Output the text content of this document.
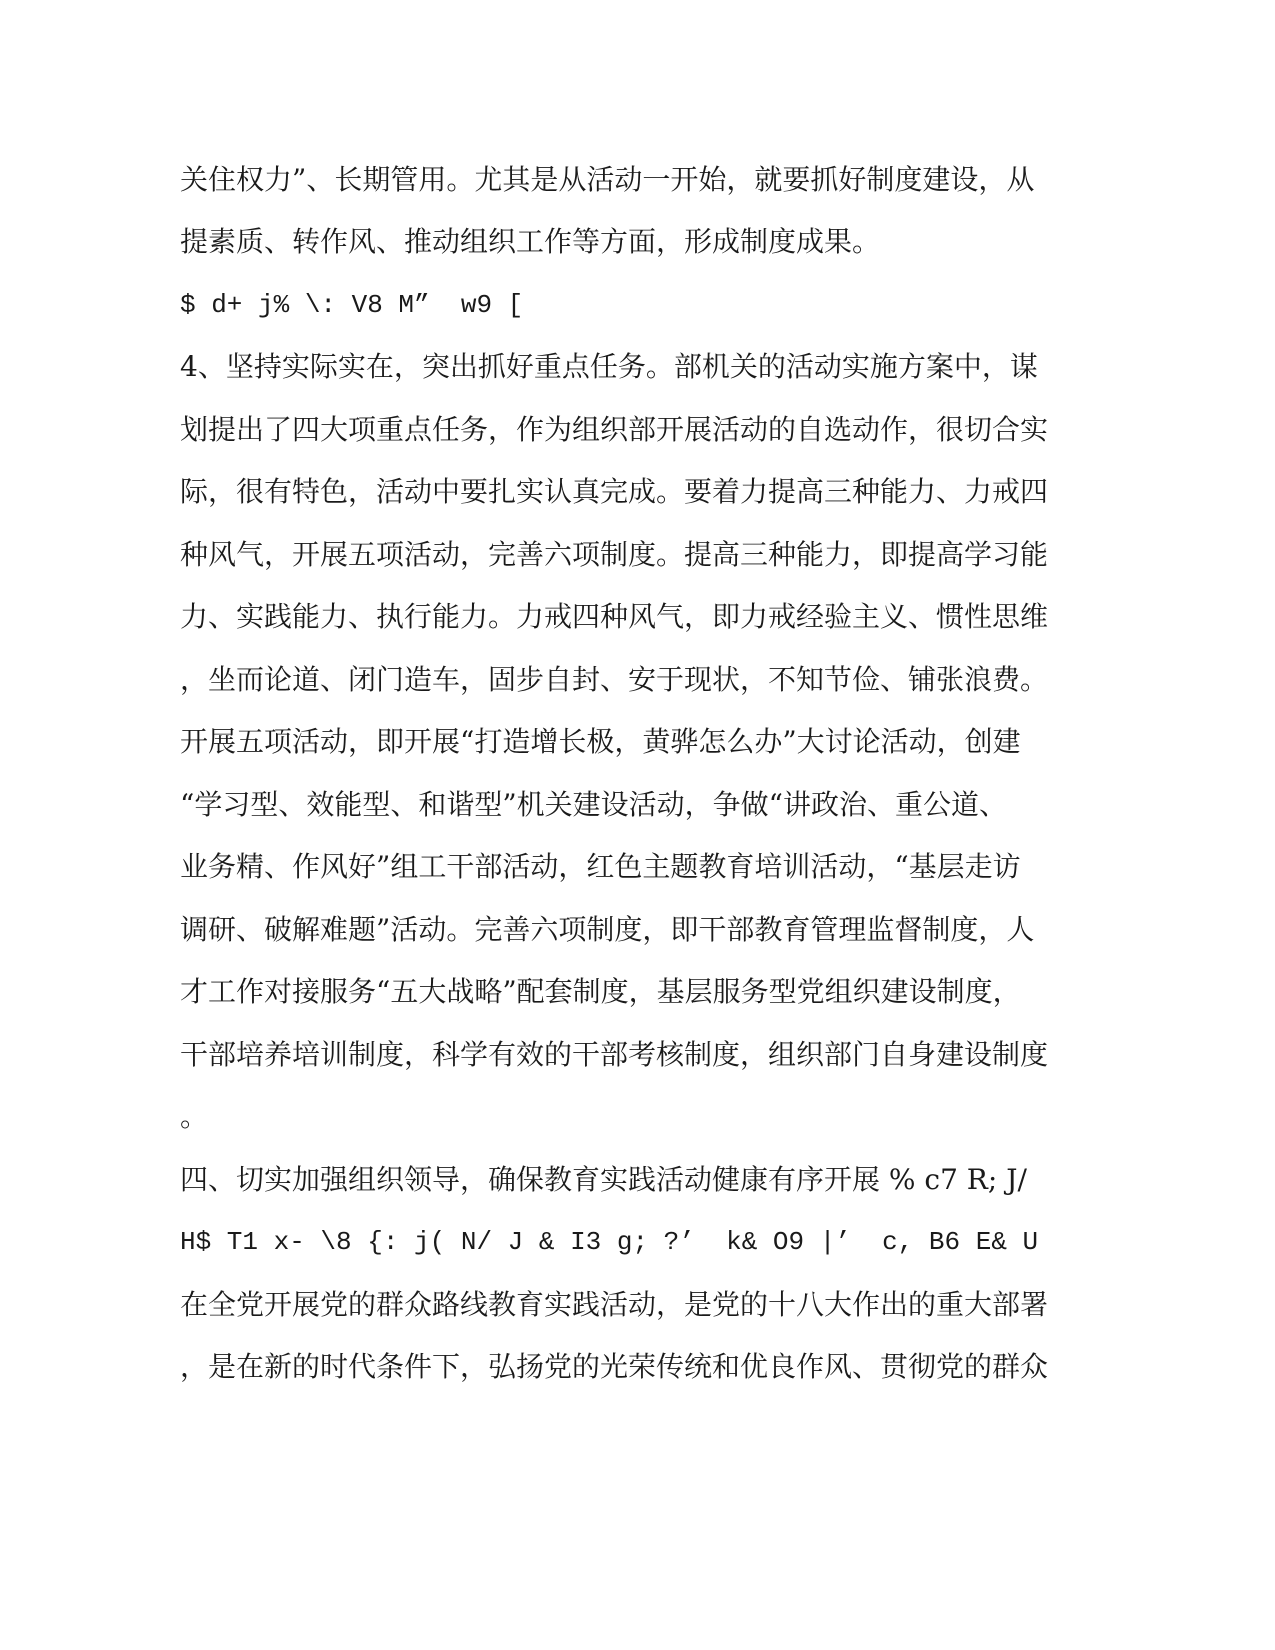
关住权力”、长期管用。尤其是从活动一开始，就要抓好制度建设，从
提素质、转作风、推动组织工作等方面，形成制度成果。
$ d+ j% \: V8 M”  w9 [
4、坚持实际实在，突出抓好重点任务。部机关的活动实施方案中，谋
划提出了四大项重点任务，作为组织部开展活动的自选动作，很切合实
际，很有特色，活动中要扎实认真完成。要着力提高三种能力、力戒四
种风气，开展五项活动，完善六项制度。提高三种能力，即提高学习能
力、实践能力、执行能力。力戒四种风气，即力戒经验主义、惯性思维
，坐而论道、闭门造车，固步自封、安于现状，不知节俭、铺张浪费。
开展五项活动，即开展“打造增长极，黄骅怎么办”大讨论活动，创建
“学习型、效能型、和谐型”机关建设活动，争做“讲政治、重公道、
业务精、作风好”组工干部活动，红色主题教育培训活动，“基层走访
调研、破解难题”活动。完善六项制度，即干部教育管理监督制度，人
才工作对接服务“五大战略”配套制度，基层服务型党组织建设制度，
干部培养培训制度，科学有效的干部考核制度，组织部门自身建设制度
。
四、切实加强组织领导，确保教育实践活动健康有序开展 % c7 R; J/
H$ T1 x- \8 {: j( N/ J & I3 g; ?’  k& O9 |’  c, B6 E& U
在全党开展党的群众路线教育实践活动，是党的十八大作出的重大部署
，是在新的时代条件下，弘扬党的光荣传统和优良作风、贯彻党的群众
